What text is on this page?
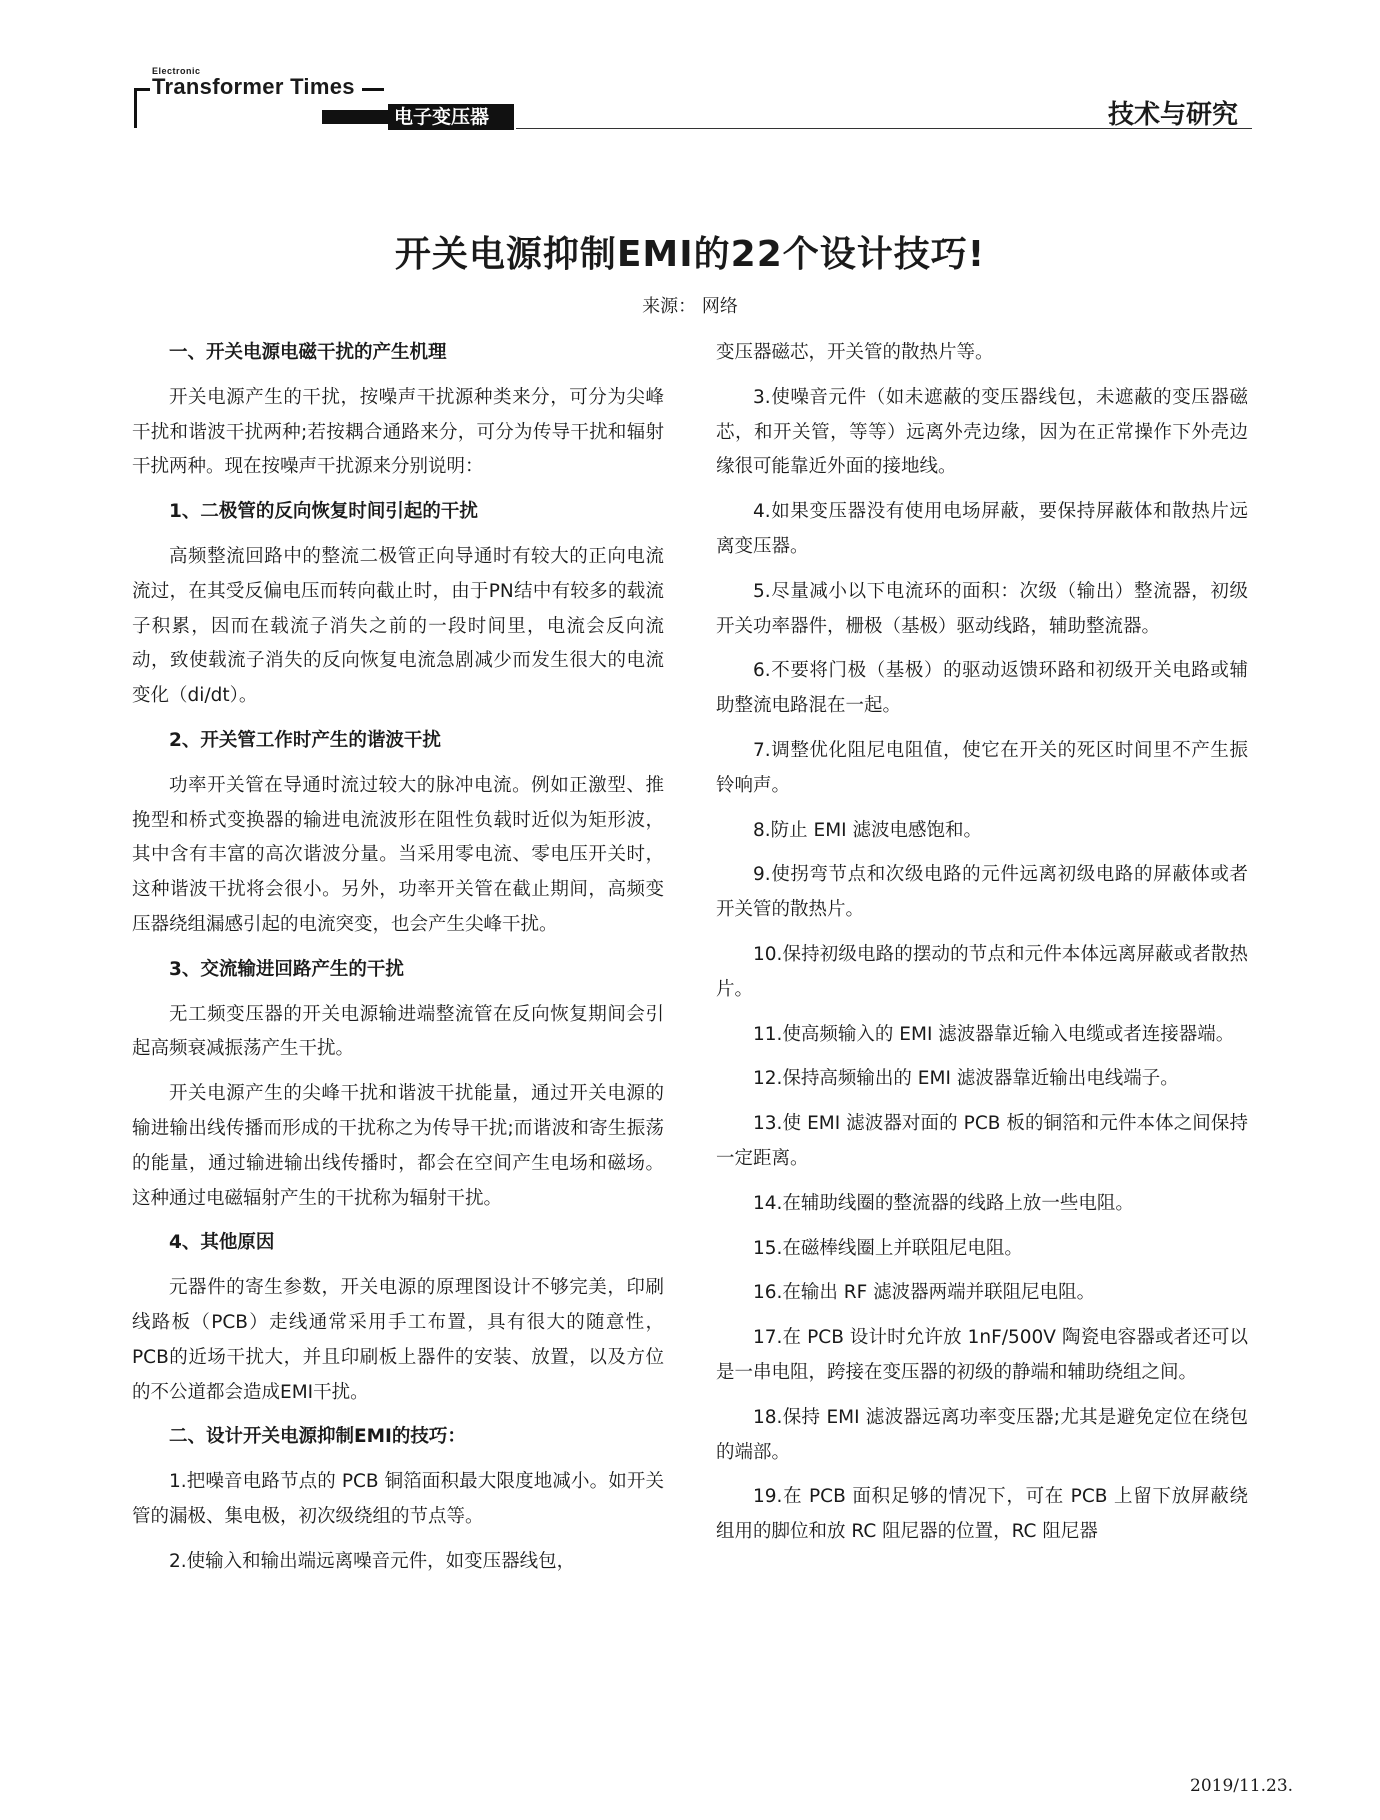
Electronic
Transformer Times
电子变压器	技术与研究
开关电源抑制EMI的22个设计技巧!
来源： 网络

一、开关电源电磁干扰的产生机理

开关电源产生的干扰，按噪声干扰源种类来分，可分为尖峰干扰和谐波干扰两种;若按耦合通路来分，可分为传导干扰和辐射干扰两种。现在按噪声干扰源来分别说明：

1、二极管的反向恢复时间引起的干扰

高频整流回路中的整流二极管正向导通时有较大的正向电流流过，在其受反偏电压而转向截止时，由于PN结中有较多的载流子积累，因而在载流子消失之前的一段时间里，电流会反向流动，致使载流子消失的反向恢复电流急剧减少而发生很大的电流变化（di/dt）。

2、开关管工作时产生的谐波干扰

功率开关管在导通时流过较大的脉冲电流。例如正激型、推挽型和桥式变换器的输进电流波形在阻性负载时近似为矩形波，其中含有丰富的高次谐波分量。当采用零电流、零电压开关时，这种谐波干扰将会很小。另外，功率开关管在截止期间，高频变压器绕组漏感引起的电流突变，也会产生尖峰干扰。

3、交流输进回路产生的干扰

无工频变压器的开关电源输进端整流管在反向恢复期间会引起高频衰减振荡产生干扰。

开关电源产生的尖峰干扰和谐波干扰能量，通过开关电源的输进输出线传播而形成的干扰称之为传导干扰;而谐波和寄生振荡的能量，通过输进输出线传播时，都会在空间产生电场和磁场。这种通过电磁辐射产生的干扰称为辐射干扰。

4、其他原因

元器件的寄生参数，开关电源的原理图设计不够完美，印刷线路板（PCB）走线通常采用手工布置，具有很大的随意性，PCB的近场干扰大，并且印刷板上器件的安装、放置，以及方位的不公道都会造成EMI干扰。

二、设计开关电源抑制EMI的技巧：

1.把噪音电路节点的 PCB 铜箔面积最大限度地减小。如开关管的漏极、集电极，初次级绕组的节点等。

2.使输入和输出端远离噪音元件，如变压器线包，

变压器磁芯，开关管的散热片等。

3.使噪音元件（如未遮蔽的变压器线包，未遮蔽的变压器磁芯，和开关管，等等）远离外壳边缘，因为在正常操作下外壳边缘很可能靠近外面的接地线。

4.如果变压器没有使用电场屏蔽，要保持屏蔽体和散热片远离变压器。

5.尽量减小以下电流环的面积：次级（输出）整流器，初级开关功率器件，栅极（基极）驱动线路，辅助整流器。

6.不要将门极（基极）的驱动返馈环路和初级开关电路或辅助整流电路混在一起。

7.调整优化阻尼电阻值，使它在开关的死区时间里不产生振铃响声。

8.防止 EMI 滤波电感饱和。

9.使拐弯节点和次级电路的元件远离初级电路的屏蔽体或者开关管的散热片。

10.保持初级电路的摆动的节点和元件本体远离屏蔽或者散热片。

11.使高频输入的 EMI 滤波器靠近输入电缆或者连接器端。

12.保持高频输出的 EMI 滤波器靠近输出电线端子。

13.使 EMI 滤波器对面的 PCB 板的铜箔和元件本体之间保持一定距离。

14.在辅助线圈的整流器的线路上放一些电阻。

15.在磁棒线圈上并联阻尼电阻。

16.在输出 RF 滤波器两端并联阻尼电阻。

17.在 PCB 设计时允许放 1nF/500V 陶瓷电容器或者还可以是一串电阻，跨接在变压器的初级的静端和辅助绕组之间。

18.保持 EMI 滤波器远离功率变压器;尤其是避免定位在绕包的端部。

19.在 PCB 面积足够的情况下，可在 PCB 上留下放屏蔽绕组用的脚位和放 RC 阻尼器的位置，RC 阻尼器

2019/11.23.
